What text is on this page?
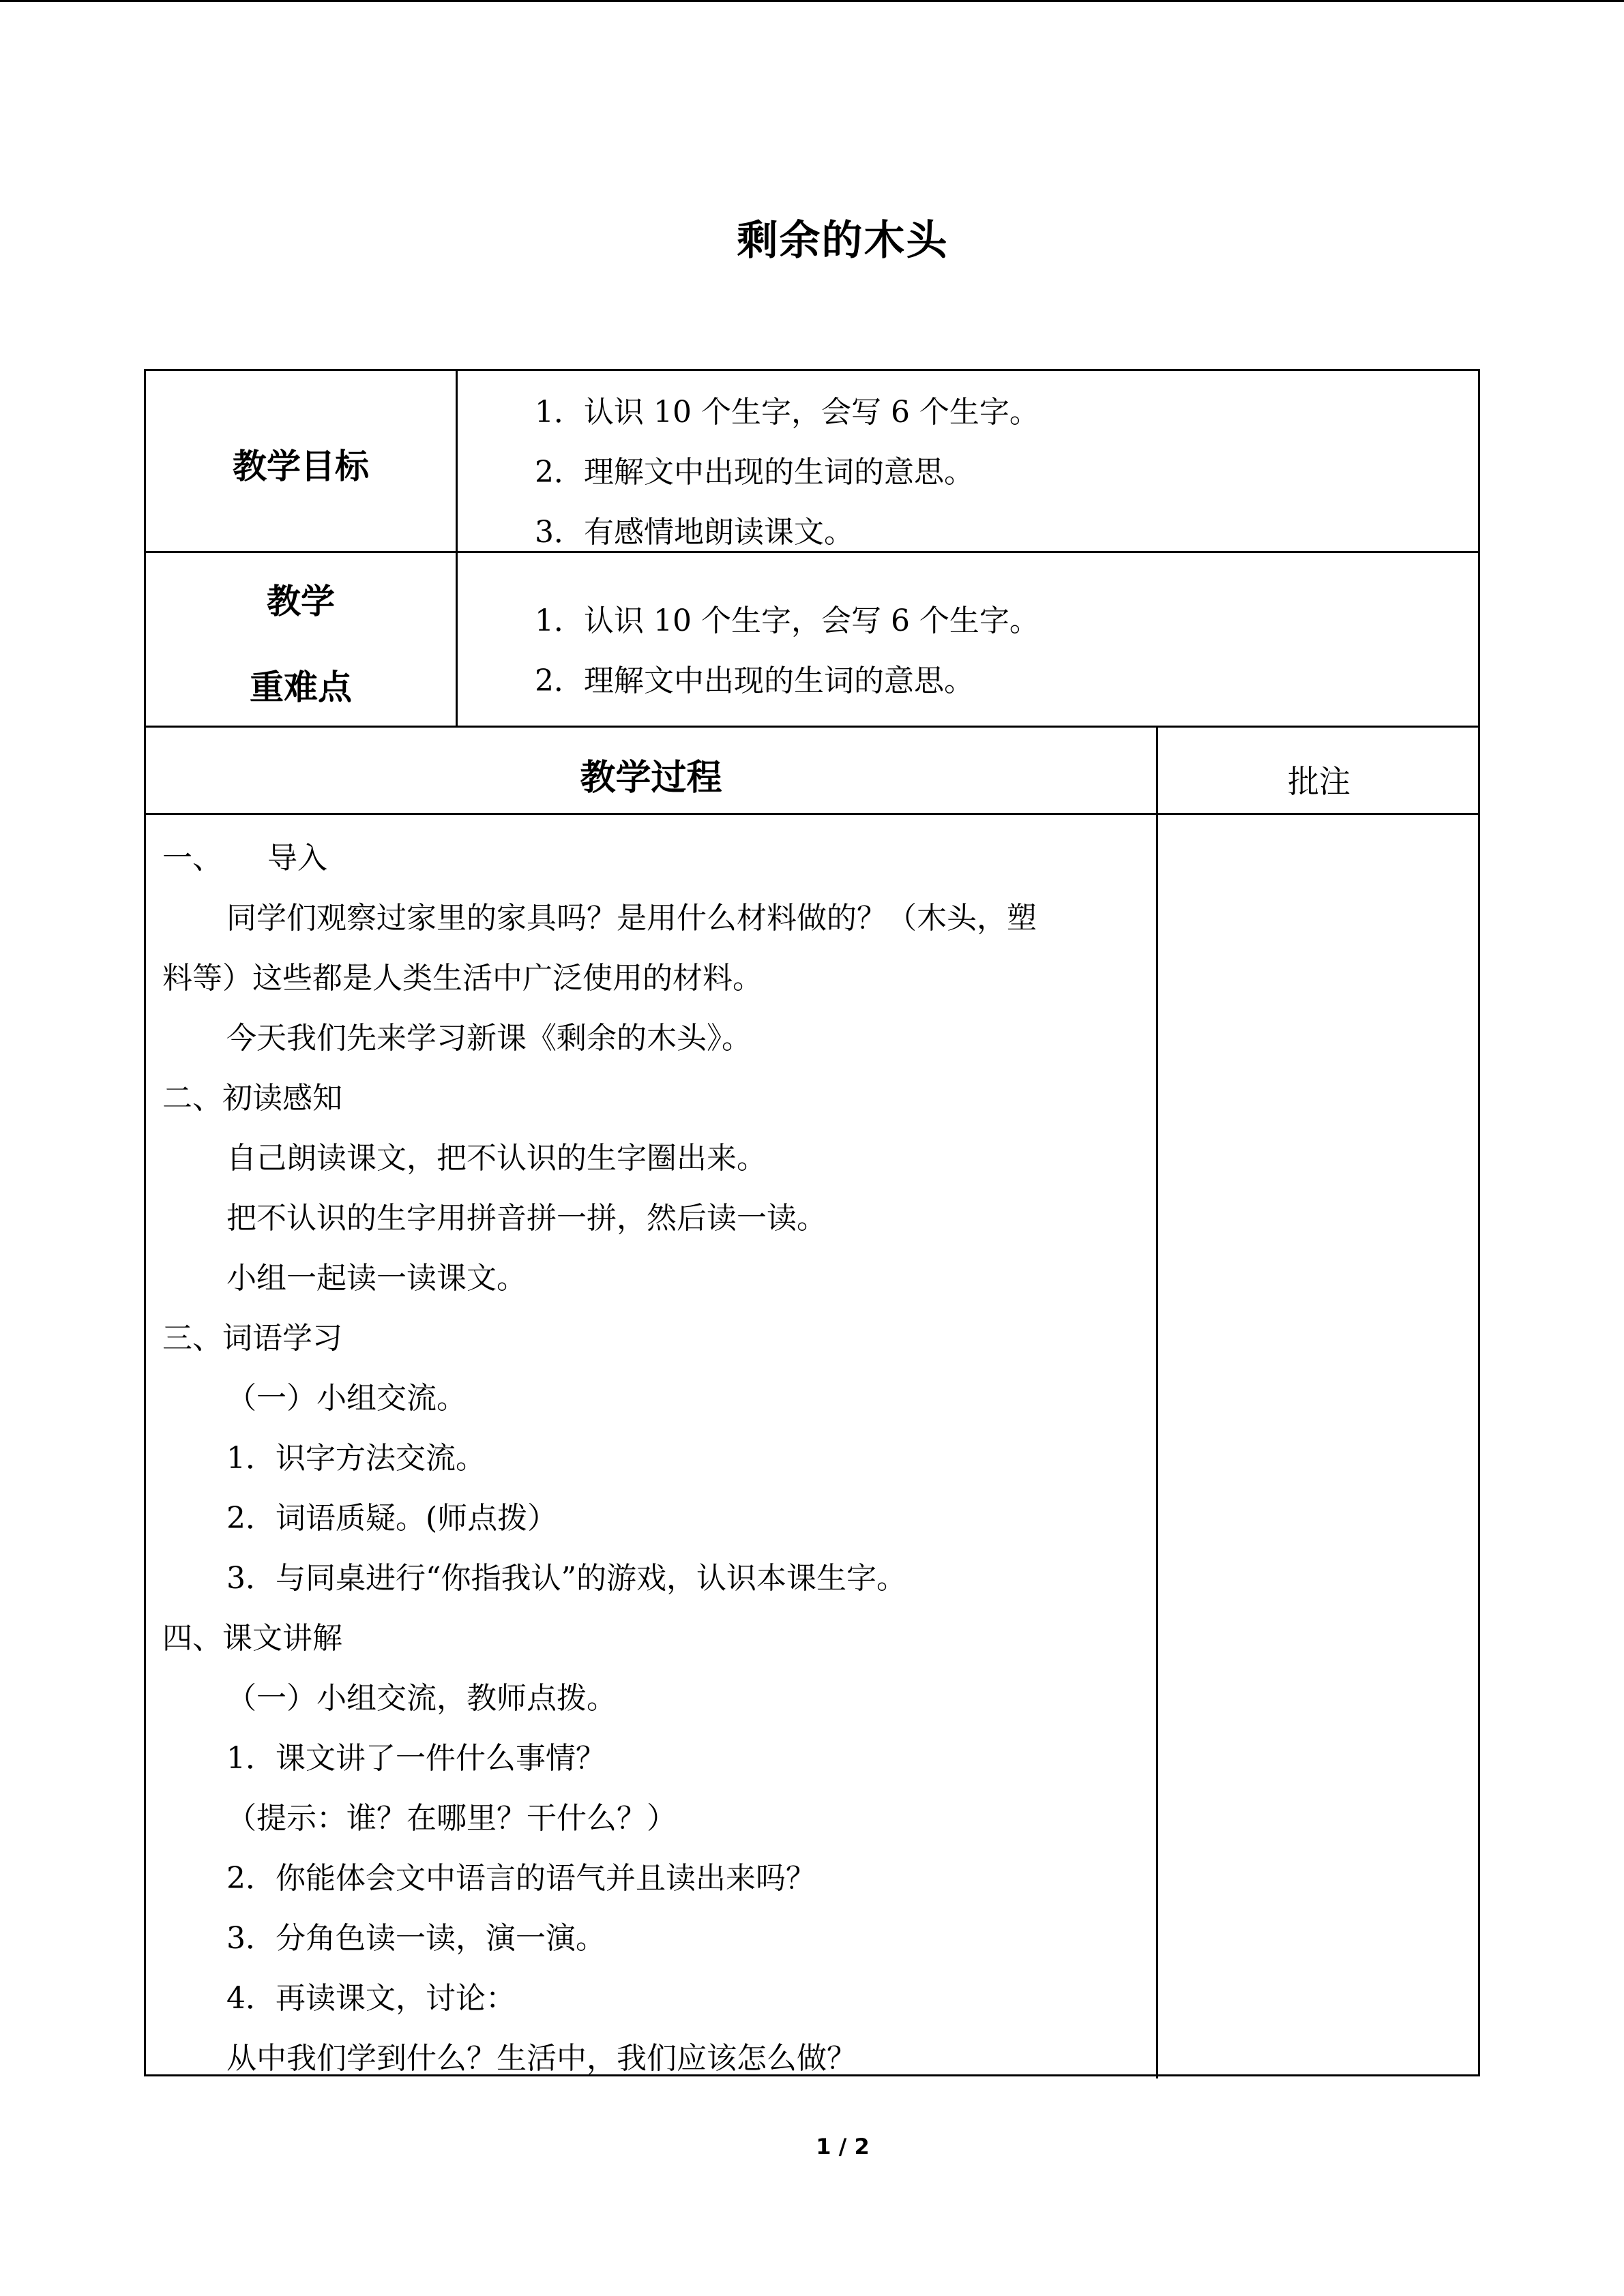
剩余的木头
教学目标
1．认识 10 个生字，会写 6 个生字。
2．理解文中出现的生词的意思。
3．有感情地朗读课文。
教学
重难点
1．认识 10 个生字，会写 6 个生字。
2．理解文中出现的生词的意思。
教学过程	批注
一、　　导入
同学们观察过家里的家具吗？是用什么材料做的？（木头，塑
料等）这些都是人类生活中广泛使用的材料。
今天我们先来学习新课《剩余的木头》。
二、初读感知
自己朗读课文，把不认识的生字圈出来。
把不认识的生字用拼音拼一拼，然后读一读。
小组一起读一读课文。
三、词语学习
（一）小组交流。
1．识字方法交流。
2．词语质疑。(师点拨）
3．与同桌进行“你指我认”的游戏，认识本课生字。
四、课文讲解
（一）小组交流，教师点拨。
1．课文讲了一件什么事情？
（提示：谁？在哪里？干什么？）
2．你能体会文中语言的语气并且读出来吗？
3．分角色读一读，演一演。
4．再读课文，讨论：
从中我们学到什么？生活中，我们应该怎么做？
1 / 2
